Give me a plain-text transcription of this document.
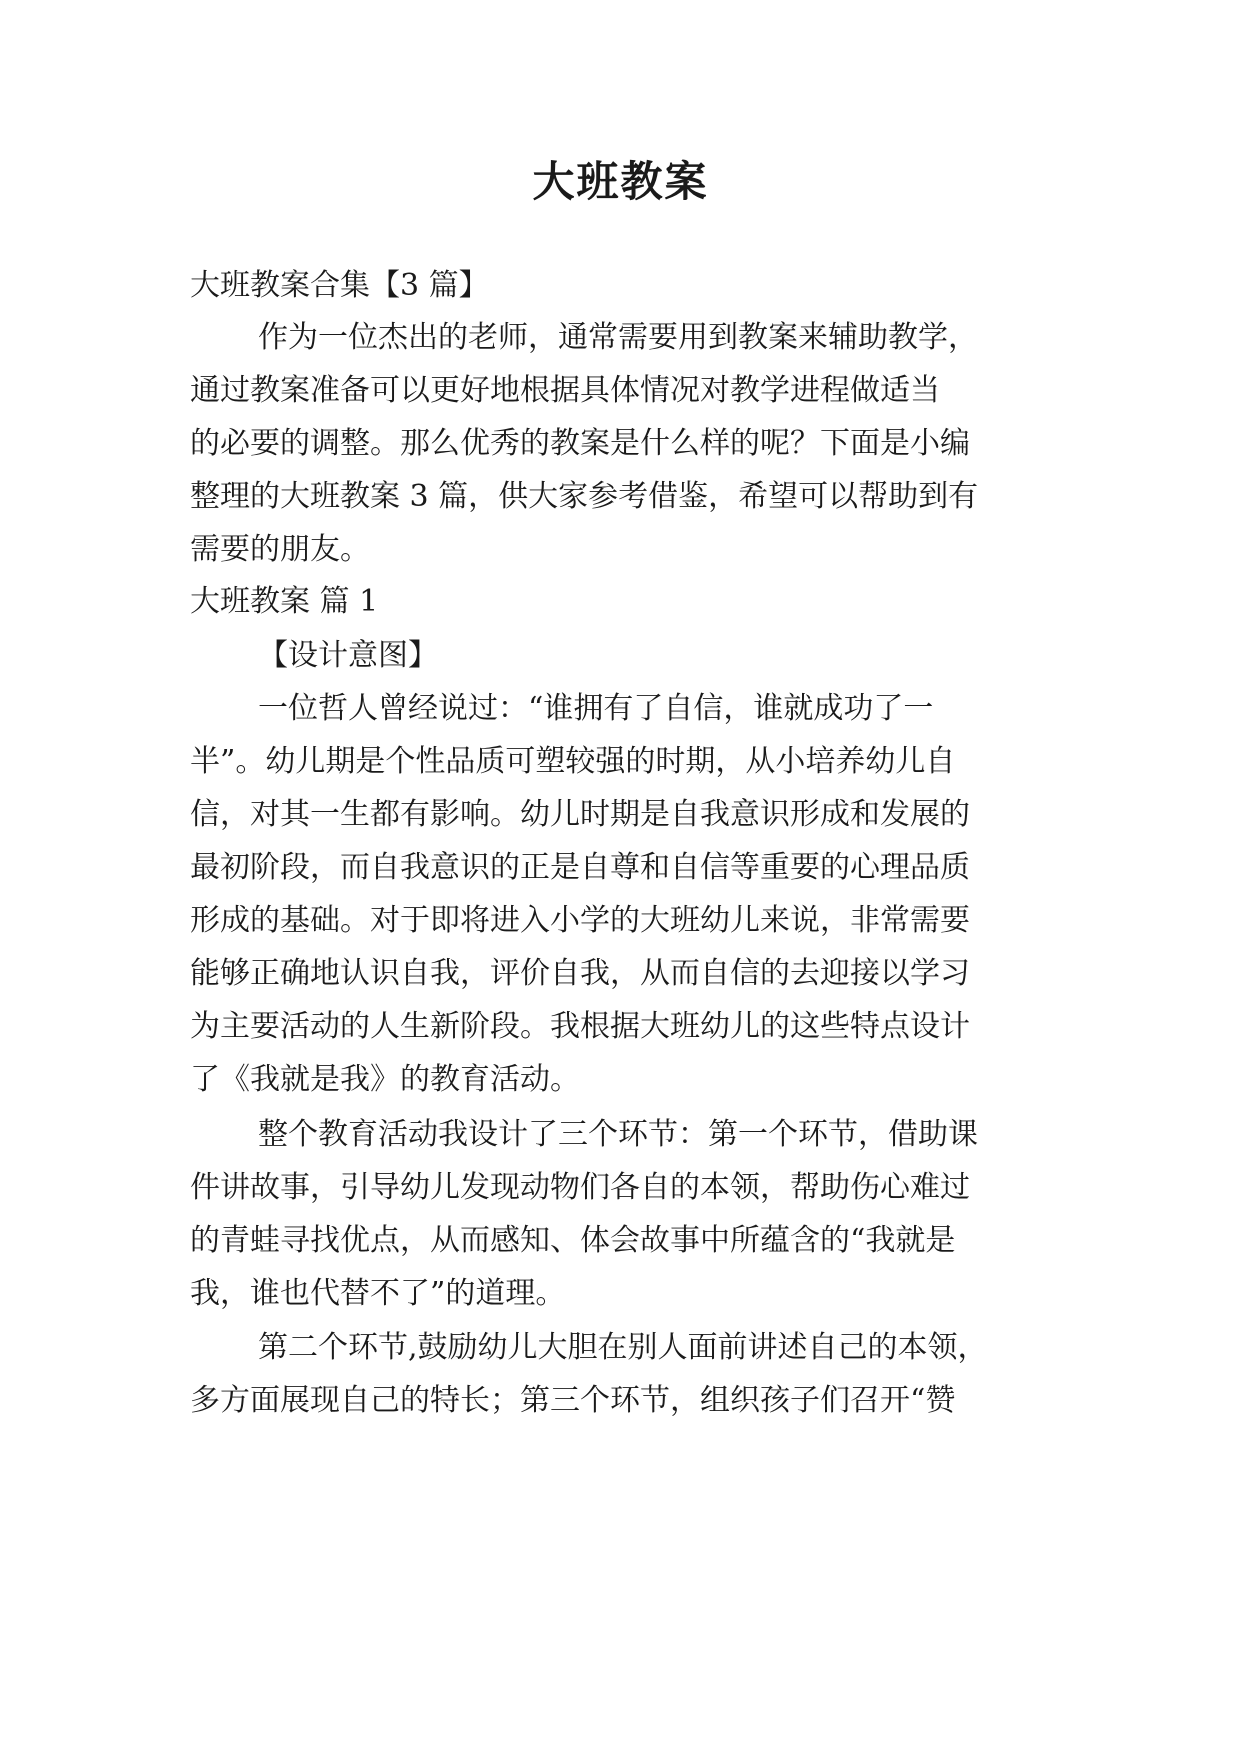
大班教案

大班教案合集【3 篇】

作为一位杰出的老师，通常需要用到教案来辅助教学，

通过教案准备可以更好地根据具体情况对教学进程做适当

的必要的调整。那么优秀的教案是什么样的呢？下面是小编

整理的大班教案 3 篇，供大家参考借鉴，希望可以帮助到有

需要的朋友。

大班教案 篇 1

【设计意图】

一位哲人曾经说过：“谁拥有了自信，谁就成功了一

半”。幼儿期是个性品质可塑较强的时期，从小培养幼儿自

信，对其一生都有影响。幼儿时期是自我意识形成和发展的

最初阶段，而自我意识的正是自尊和自信等重要的心理品质

形成的基础。对于即将进入小学的大班幼儿来说，非常需要

能够正确地认识自我，评价自我，从而自信的去迎接以学习

为主要活动的人生新阶段。我根据大班幼儿的这些特点设计

了《我就是我》的教育活动。

整个教育活动我设计了三个环节：第一个环节，借助课

件讲故事，引导幼儿发现动物们各自的本领，帮助伤心难过

的青蛙寻找优点，从而感知、体会故事中所蕴含的“我就是

我，谁也代替不了”的道理。

第二个环节,鼓励幼儿大胆在别人面前讲述自己的本领，

多方面展现自己的特长；第三个环节，组织孩子们召开“赞
